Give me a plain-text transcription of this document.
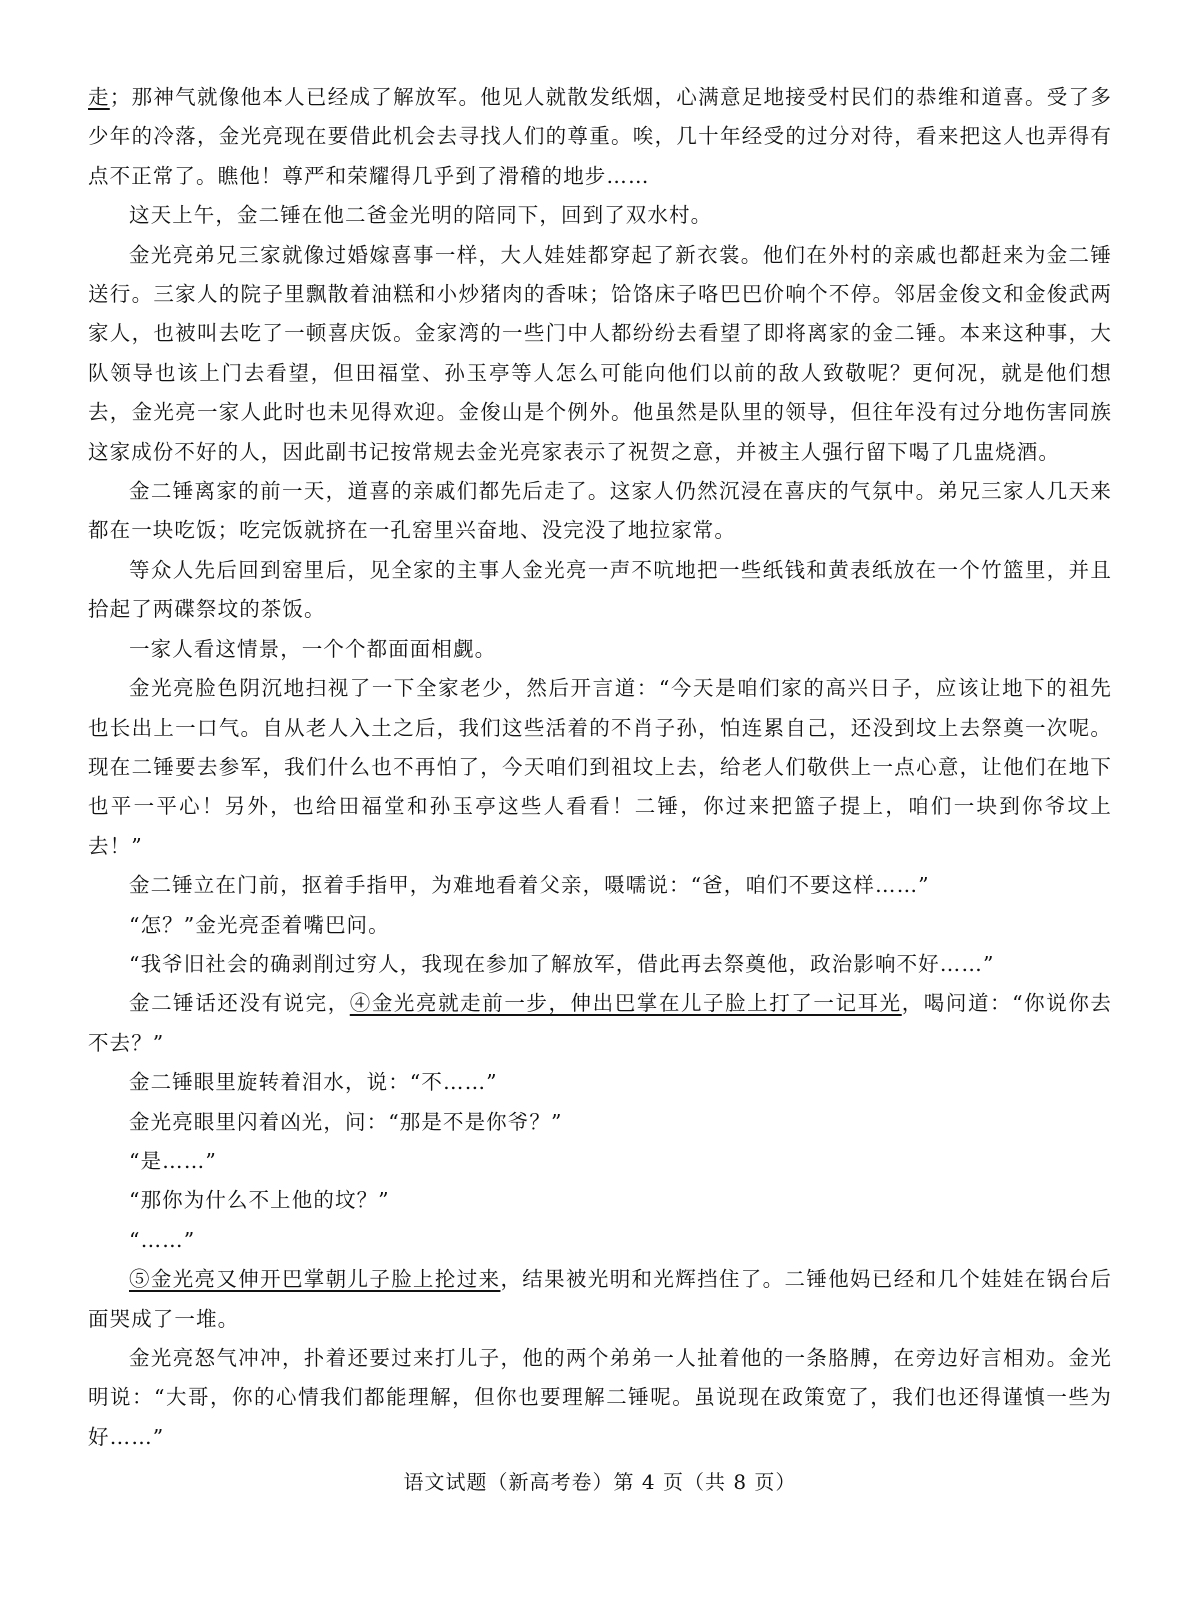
走；那神气就像他本人已经成了解放军。他见人就散发纸烟，心满意足地接受村民们的恭维和道喜。受了多少年的冷落，金光亮现在要借此机会去寻找人们的尊重。唉，几十年经受的过分对待，看来把这人也弄得有点不正常了。瞧他！尊严和荣耀得几乎到了滑稽的地步……

这天上午，金二锤在他二爸金光明的陪同下，回到了双水村。

金光亮弟兄三家就像过婚嫁喜事一样，大人娃娃都穿起了新衣裳。他们在外村的亲戚也都赶来为金二锤送行。三家人的院子里飘散着油糕和小炒猪肉的香味；饸饹床子咯巴巴价响个不停。邻居金俊文和金俊武两家人，也被叫去吃了一顿喜庆饭。金家湾的一些门中人都纷纷去看望了即将离家的金二锤。本来这种事，大队领导也该上门去看望，但田福堂、孙玉亭等人怎么可能向他们以前的敌人致敬呢？更何况，就是他们想去，金光亮一家人此时也未见得欢迎。金俊山是个例外。他虽然是队里的领导，但往年没有过分地伤害同族这家成份不好的人，因此副书记按常规去金光亮家表示了祝贺之意，并被主人强行留下喝了几盅烧酒。

金二锤离家的前一天，道喜的亲戚们都先后走了。这家人仍然沉浸在喜庆的气氛中。弟兄三家人几天来都在一块吃饭；吃完饭就挤在一孔窑里兴奋地、没完没了地拉家常。

等众人先后回到窑里后，见全家的主事人金光亮一声不吭地把一些纸钱和黄表纸放在一个竹篮里，并且拾起了两碟祭坟的茶饭。

一家人看这情景，一个个都面面相觑。

金光亮脸色阴沉地扫视了一下全家老少，然后开言道：“今天是咱们家的高兴日子，应该让地下的祖先也长出上一口气。自从老人入土之后，我们这些活着的不肖子孙，怕连累自己，还没到坟上去祭奠一次呢。现在二锤要去参军，我们什么也不再怕了，今天咱们到祖坟上去，给老人们敬供上一点心意，让他们在地下也平一平心！另外，也给田福堂和孙玉亭这些人看看！二锤，你过来把篮子提上，咱们一块到你爷坟上去！”

金二锤立在门前，抠着手指甲，为难地看着父亲，嗫嚅说：“爸，咱们不要这样……”

“怎？”金光亮歪着嘴巴问。

“我爷旧社会的确剥削过穷人，我现在参加了解放军，借此再去祭奠他，政治影响不好……”

金二锤话还没有说完，④金光亮就走前一步，伸出巴掌在儿子脸上打了一记耳光，喝问道：“你说你去不去？”

金二锤眼里旋转着泪水，说：“不……”

金光亮眼里闪着凶光，问：“那是不是你爷？”

“是……”

“那你为什么不上他的坟？”

“……”

⑤金光亮又伸开巴掌朝儿子脸上抡过来，结果被光明和光辉挡住了。二锤他妈已经和几个娃娃在锅台后面哭成了一堆。

金光亮怒气冲冲，扑着还要过来打儿子，他的两个弟弟一人扯着他的一条胳膊，在旁边好言相劝。金光明说：“大哥，你的心情我们都能理解，但你也要理解二锤呢。虽说现在政策宽了，我们也还得谨慎一些为好……”

语文试题（新高考卷）第 4 页（共 8 页）
